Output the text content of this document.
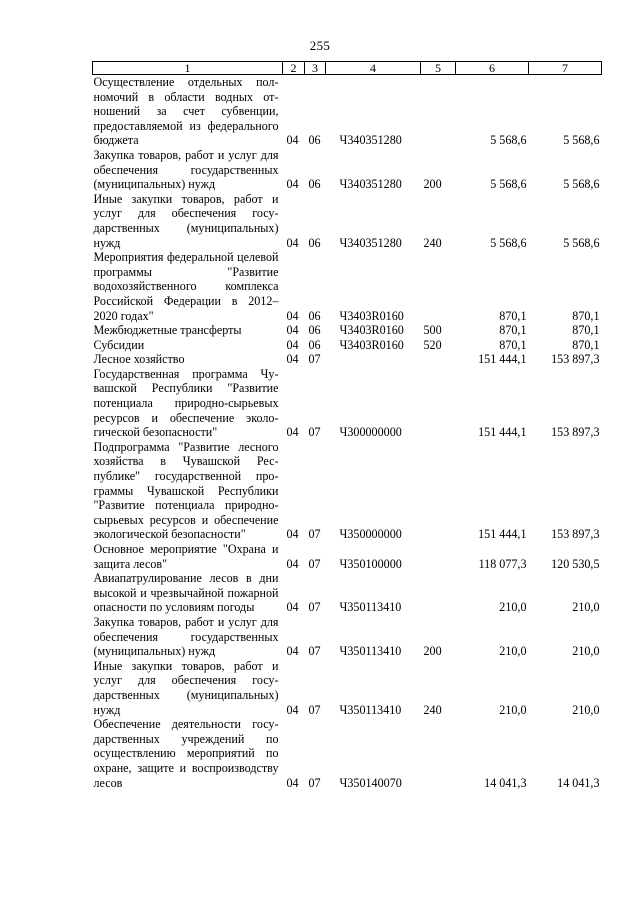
255
1	2	3	4	5	6	7
Осуществление отдельных полномочий в области водных отношений за счет субвенции, предоставляемой из федерального бюджета	04	06	Ч340351280		5 568,6	5 568,6
Закупка товаров, работ и услуг для обеспечения государственных (муниципальных) нужд	04	06	Ч340351280	200	5 568,6	5 568,6
Иные закупки товаров, работ и услуг для обеспечения государственных (муниципальных) нужд	04	06	Ч340351280	240	5 568,6	5 568,6
Мероприятия федеральной целевой программы "Развитие водохозяйственного комплекса Российской Федерации в 2012–2020 годах"	04	06	Ч3403R0160		870,1	870,1
Межбюджетные трансферты	04	06	Ч3403R0160	500	870,1	870,1
Субсидии	04	06	Ч3403R0160	520	870,1	870,1
Лесное хозяйство	04	07			151 444,1	153 897,3
Государственная программа Чувашской Республики "Развитие потенциала природно-сырьевых ресурсов и обеспечение экологической безопасности"	04	07	Ч300000000		151 444,1	153 897,3
Подпрограмма "Развитие лесного хозяйства в Чувашской Республике" государственной программы Чувашской Республики "Развитие потенциала природно-сырьевых ресурсов и обеспечение экологической безопасности"	04	07	Ч350000000		151 444,1	153 897,3
Основное мероприятие "Охрана и защита лесов"	04	07	Ч350100000		118 077,3	120 530,5
Авиапатрулирование лесов в дни высокой и чрезвычайной пожарной опасности по условиям погоды	04	07	Ч350113410		210,0	210,0
Закупка товаров, работ и услуг для обеспечения государственных (муниципальных) нужд	04	07	Ч350113410	200	210,0	210,0
Иные закупки товаров, работ и услуг для обеспечения государственных (муниципальных) нужд	04	07	Ч350113410	240	210,0	210,0
Обеспечение деятельности государственных учреждений по осуществлению мероприятий по охране, защите и воспроизводству лесов	04	07	Ч350140070		14 041,3	14 041,3
